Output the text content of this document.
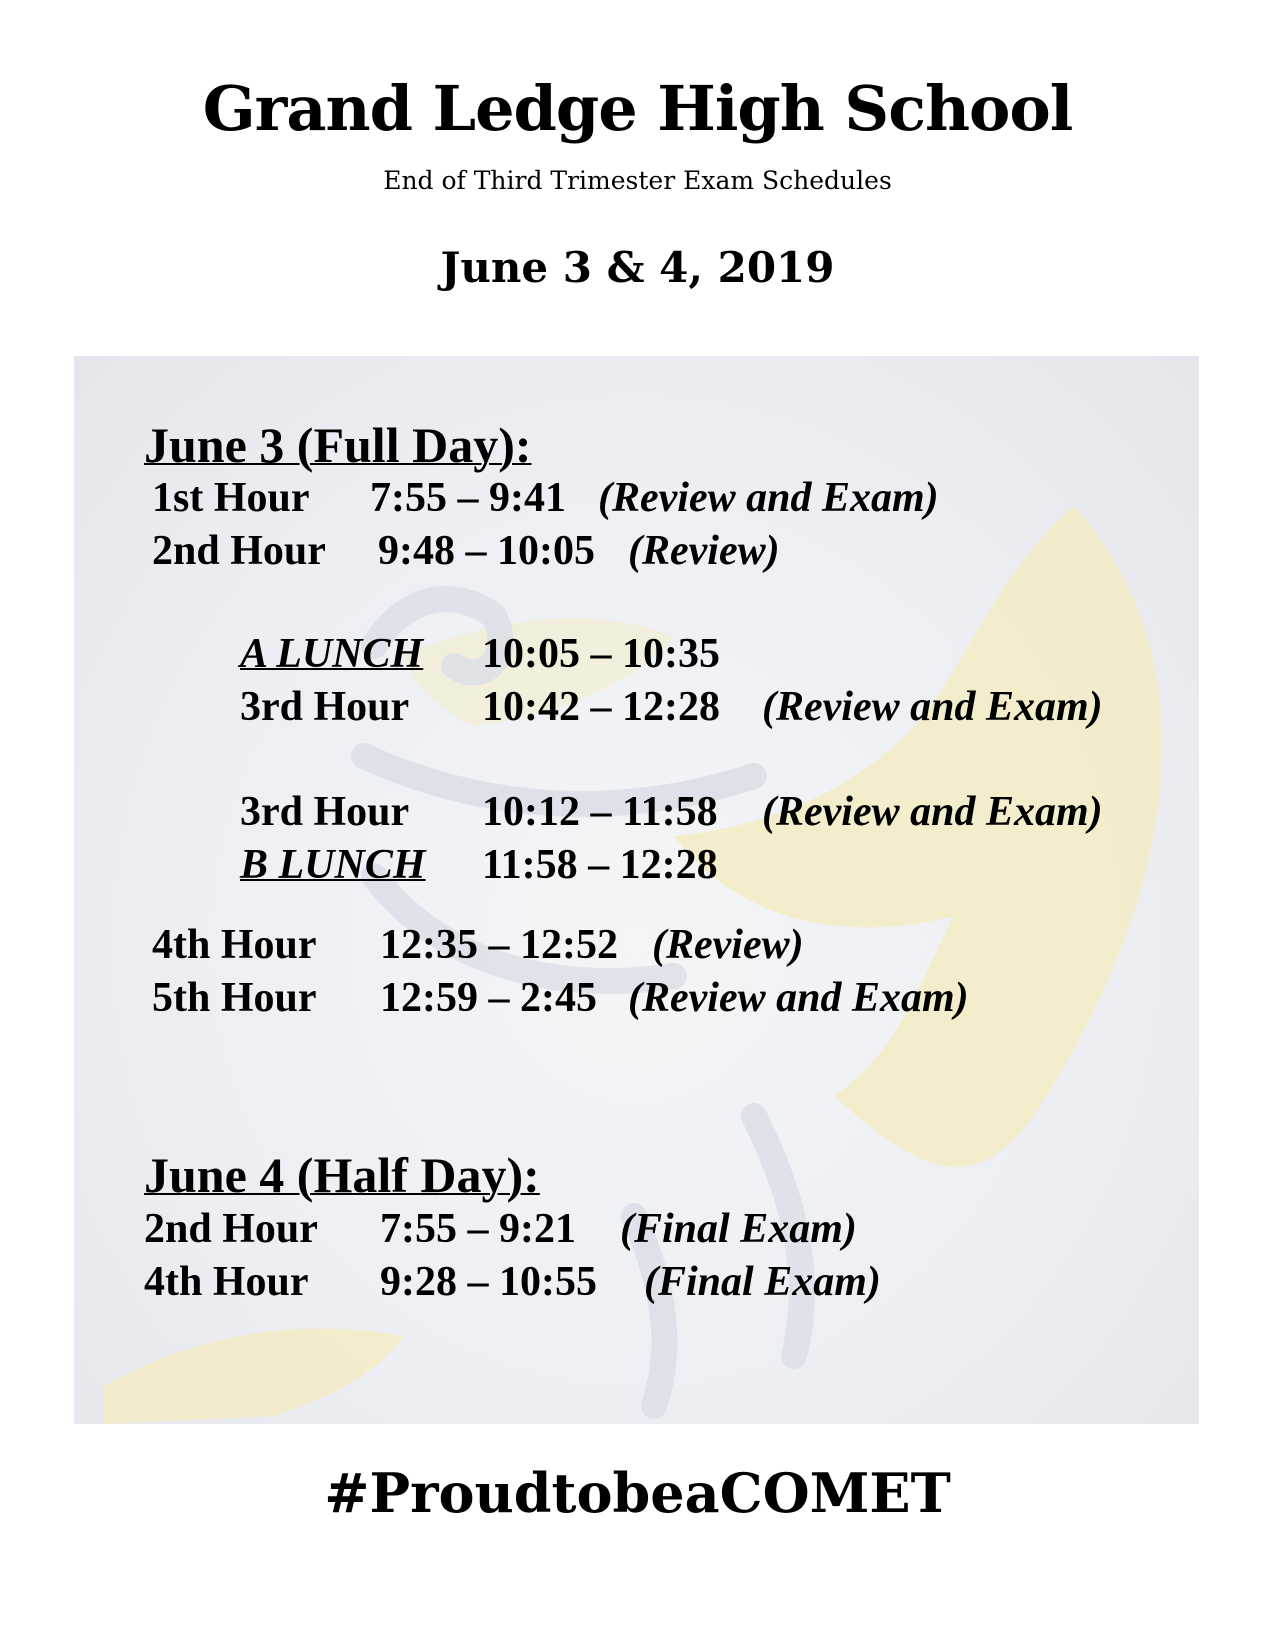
Grand Ledge High School
End of Third Trimester Exam Schedules
June 3 & 4, 2019
June 3 (Full Day):
1st Hour 7:55 – 9:41 (Review and Exam)
2nd Hour 9:48 – 10:05 (Review)
A LUNCH 10:05 – 10:35
3rd Hour 10:42 – 12:28 (Review and Exam)
3rd Hour 10:12 – 11:58 (Review and Exam)
B LUNCH 11:58 – 12:28
4th Hour 12:35 – 12:52 (Review)
5th Hour 12:59 – 2:45 (Review and Exam)
June 4 (Half Day):
2nd Hour 7:55 – 9:21 (Final Exam)
4th Hour 9:28 – 10:55 (Final Exam)
#ProudtobeaCOMET
